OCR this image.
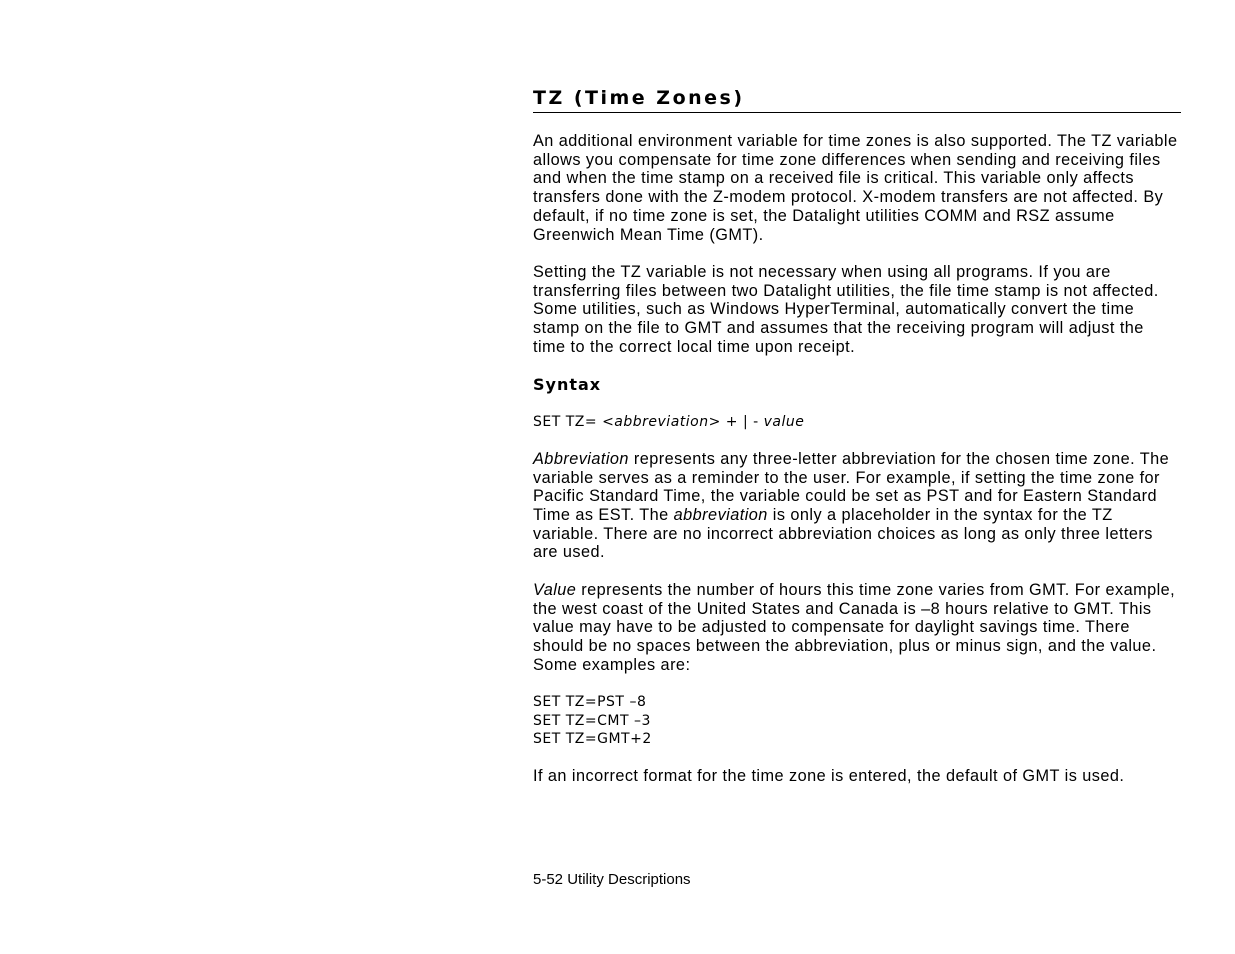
TZ (Time Zones)

An additional environment variable for time zones is also supported. The TZ variable allows you compensate for time zone differences when sending and receiving files and when the time stamp on a received file is critical. This variable only affects transfers done with the Z-modem protocol. X-modem transfers are not affected. By default, if no time zone is set, the Datalight utilities COMM and RSZ assume Greenwich Mean Time (GMT).

Setting the TZ variable is not necessary when using all programs. If you are transferring files between two Datalight utilities, the file time stamp is not affected. Some utilities, such as Windows HyperTerminal, automatically convert the time stamp on the file to GMT and assumes that the receiving program will adjust the time to the correct local time upon receipt.

Syntax

SET TZ= <abbreviation> + | - value

Abbreviation represents any three-letter abbreviation for the chosen time zone. The variable serves as a reminder to the user. For example, if setting the time zone for Pacific Standard Time, the variable could be set as PST and for Eastern Standard Time as EST. The abbreviation is only a placeholder in the syntax for the TZ variable. There are no incorrect abbreviation choices as long as only three letters are used.

Value represents the number of hours this time zone varies from GMT. For example, the west coast of the United States and Canada is –8 hours relative to GMT. This value may have to be adjusted to compensate for daylight savings time. There should be no spaces between the abbreviation, plus or minus sign, and the value. Some examples are:

SET TZ=PST –8

SET TZ=CMT –3

SET TZ=GMT+2

If an incorrect format for the time zone is entered, the default of GMT is used.

5-52 Utility Descriptions
